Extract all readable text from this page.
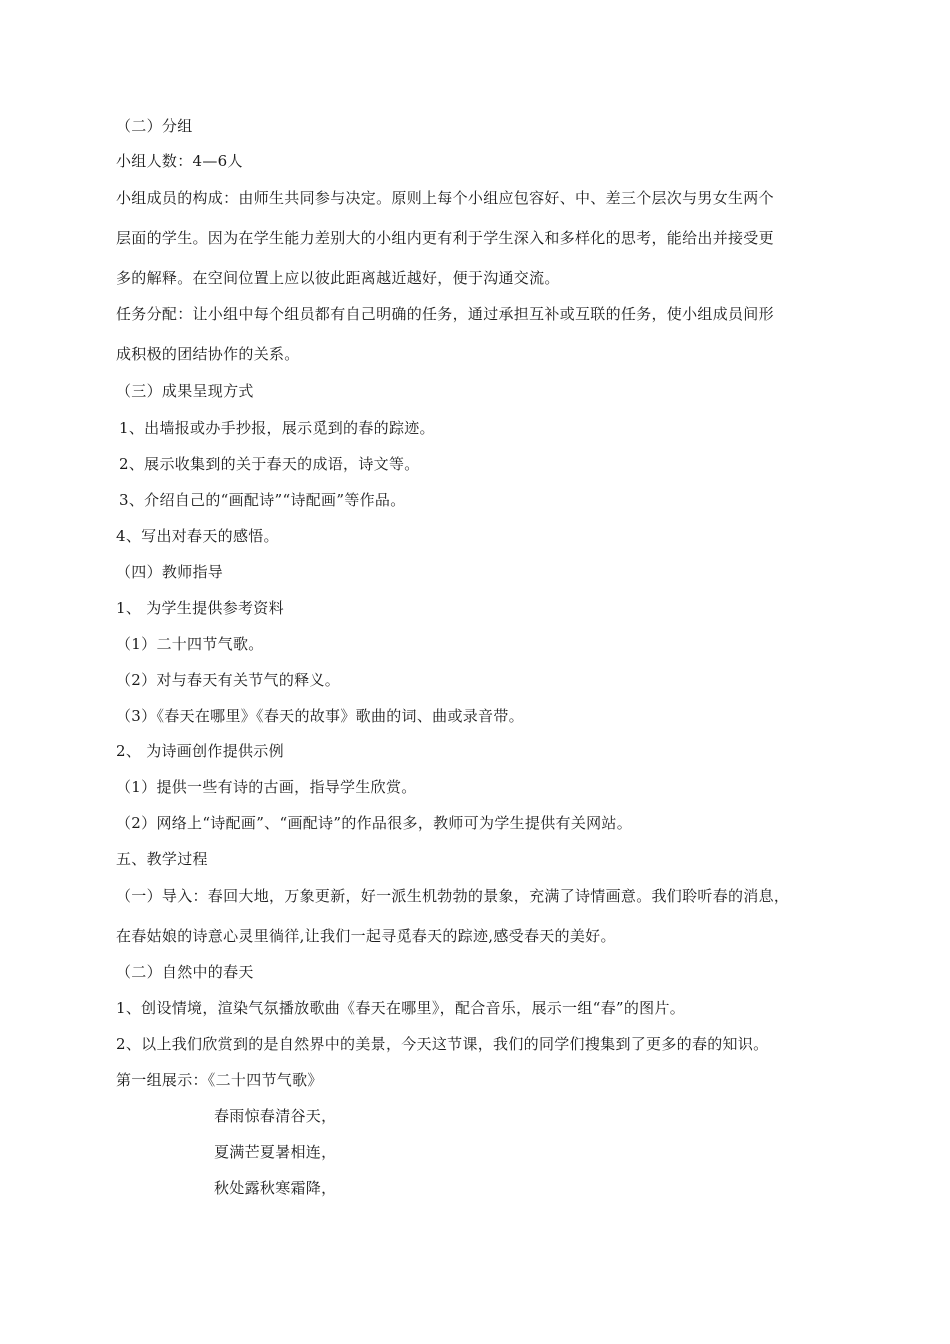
（二）分组
小组人数：4—6人
小组成员的构成：由师生共同参与决定。原则上每个小组应包容好、中、差三个层次与男女生两个
层面的学生。因为在学生能力差别大的小组内更有利于学生深入和多样化的思考，能给出并接受更
多的解释。在空间位置上应以彼此距离越近越好，便于沟通交流。
任务分配：让小组中每个组员都有自己明确的任务，通过承担互补或互联的任务，使小组成员间形
成积极的团结协作的关系。
（三）成果呈现方式
1、出墙报或办手抄报，展示觅到的春的踪迹。
2、展示收集到的关于春天的成语，诗文等。
3、介绍自己的“画配诗”“诗配画”等作品。
4、写出对春天的感悟。
（四）教师指导
1、 为学生提供参考资料
（1）二十四节气歌。
（2）对与春天有关节气的释义。
（3）《春天在哪里》《春天的故事》歌曲的词、曲或录音带。
2、 为诗画创作提供示例
（1）提供一些有诗的古画，指导学生欣赏。
（2）网络上“诗配画”、“画配诗”的作品很多，教师可为学生提供有关网站。
五、教学过程
（一）导入：春回大地，万象更新，好一派生机勃勃的景象，充满了诗情画意。我们聆听春的消息，
在春姑娘的诗意心灵里徜徉,让我们一起寻觅春天的踪迹,感受春天的美好。
（二）自然中的春天
1、创设情境，渲染气氛播放歌曲《春天在哪里》，配合音乐，展示一组“春”的图片。
2、以上我们欣赏到的是自然界中的美景，今天这节课，我们的同学们搜集到了更多的春的知识。
第一组展示：《二十四节气歌》
春雨惊春清谷天，
夏满芒夏暑相连，
秋处露秋寒霜降，
